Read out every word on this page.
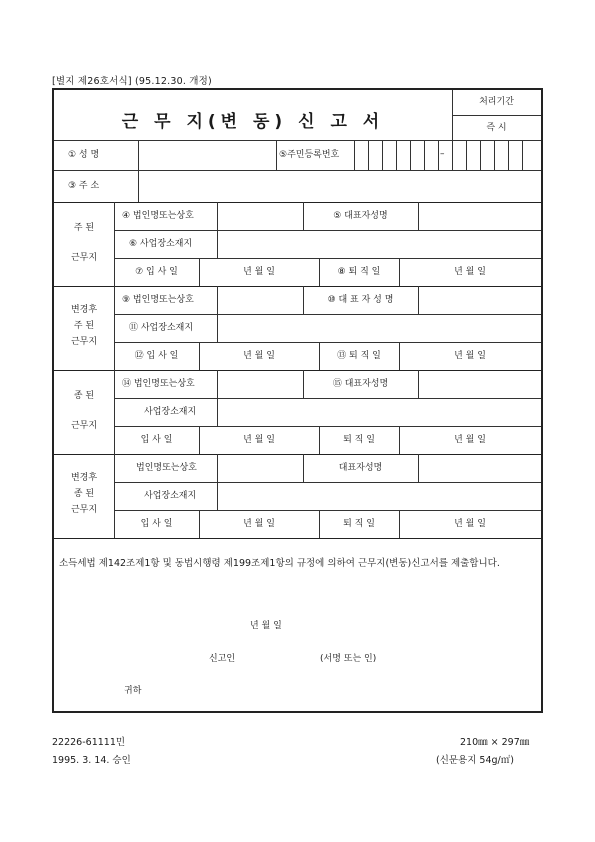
[별지 제26호서식] (95.12.30. 개정)
근 무 지(변 동) 신 고 서
처리기간
즉 시
① 성 명	⑤주민등록번호	–
③ 주 소
주 된
근무지
④ 법인명또는상호	⑤ 대표자성명
⑥ 사업장소재지
⑦ 입 사 일	년 월 일	⑧ 퇴 직 일	년 월 일
변경후
주 된
근무지
⑨ 법인명또는상호	⑩ 대 표 자 성 명
⑪ 사업장소재지
⑫ 입 사 일	년 월 일	⑬ 퇴 직 일	년 월 일
종 된
근무지
⑭ 법인명또는상호	⑮ 대표자성명
사업장소재지
입 사 일	년 월 일	퇴 직 일	년 월 일
변경후
종 된
근무지
법인명또는상호	대표자성명
사업장소재지
입 사 일	년 월 일	퇴 직 일	년 월 일
소득세법 제142조제1항 및 동법시행령 제199조제1항의 규정에 의하여 근무지(변동)신고서를 제출합니다.
년 월 일
신고인	(서명 또는 인)
귀하
22226-61111민
1995. 3. 14. 승인
210㎜ × 297㎜
(신문용지 54g/㎡)
